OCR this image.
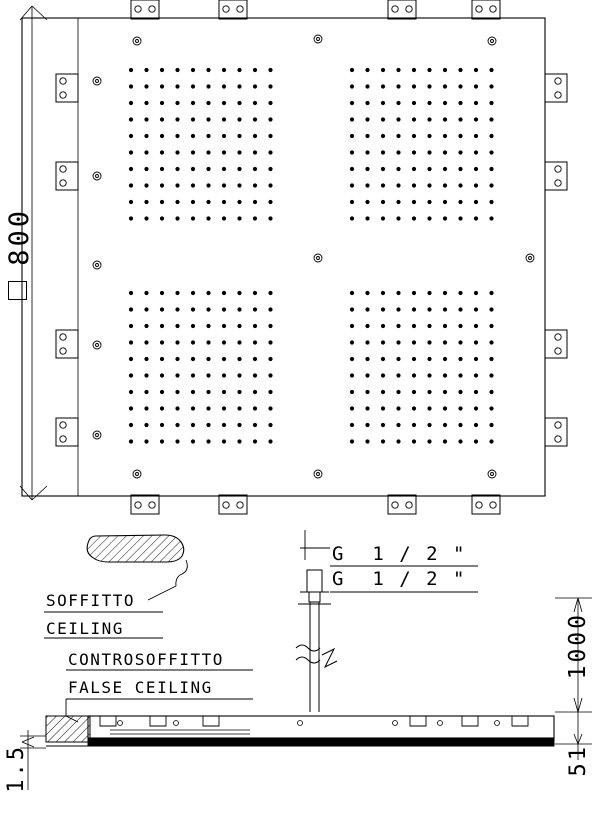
800
1000
51
1.5
G  1 / 2 "
G  1 / 2 "
SOFFITTO
CEILING
CONTROSOFFITTO
FALSE CEILING
